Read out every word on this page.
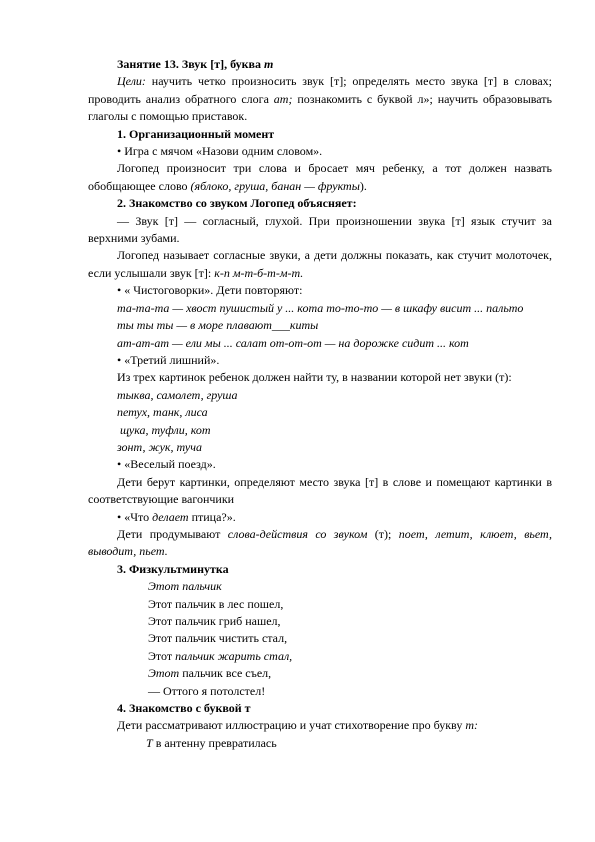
Занятие 13. Звук [т], буква т

Цели: научить четко произносить звук [т]; определять место звука [т] в словах; проводить анализ обратного слога am; познакомить с буквой л»; научить образовывать глаголы с помощью приставок.

1. Организационный момент

• Игра с мячом «Назови одним словом».

Логопед произносит три слова и бросает мяч ребенку, а тот должен назвать обобщающее слово (яблоко, груша, банан — фрукты).

2. Знакомство со звуком Логопед объясняет:

— Звук [т] — согласный, глухой. При произношении звука [т] язык стучит за верхними зубами.

Логопед называет согласные звуки, а дети должны показать, как стучит молоточек, если услышали звук [т]: к-п м-т-б-т-м-т.

• « Чистоговорки». Дети повторяют:

та-та-та — хвост пушистый у ... кота то-то-то — в шкафу висит ... пальто

ты ты ты — в море плавают___киты

ат-ат-ат — ели мы ... салат от-от-от — на дорожке сидит ... кот

• «Третий лишний».

Из трех картинок ребенок должен найти ту, в названии которой нет звуки (т):

тыква, самолет, груша

петух, танк, лиса

щука, туфли, кот

зонт, жук, туча

• «Веселый поезд».

Дети берут картинки, определяют место звука [т] в слове и помещают картинки в соответствующие вагончики

• «Что делает птица?».

Дети продумывают слова-действия со звуком (т); поет, летит, клюет, вьет, выводит, пьет.

3. Физкультминутка

Этот пальчик

Этот пальчик в лес пошел,

Этот пальчик гриб нашел,

Этот пальчик чистить стал,

Этот пальчик жарить стал,

Этот пальчик все съел,

— Оттого я потолстел!

4. Знакомство с буквой т

Дети рассматривают иллюстрацию и учат стихотворение про букву т:

Т в антенну превратилась
